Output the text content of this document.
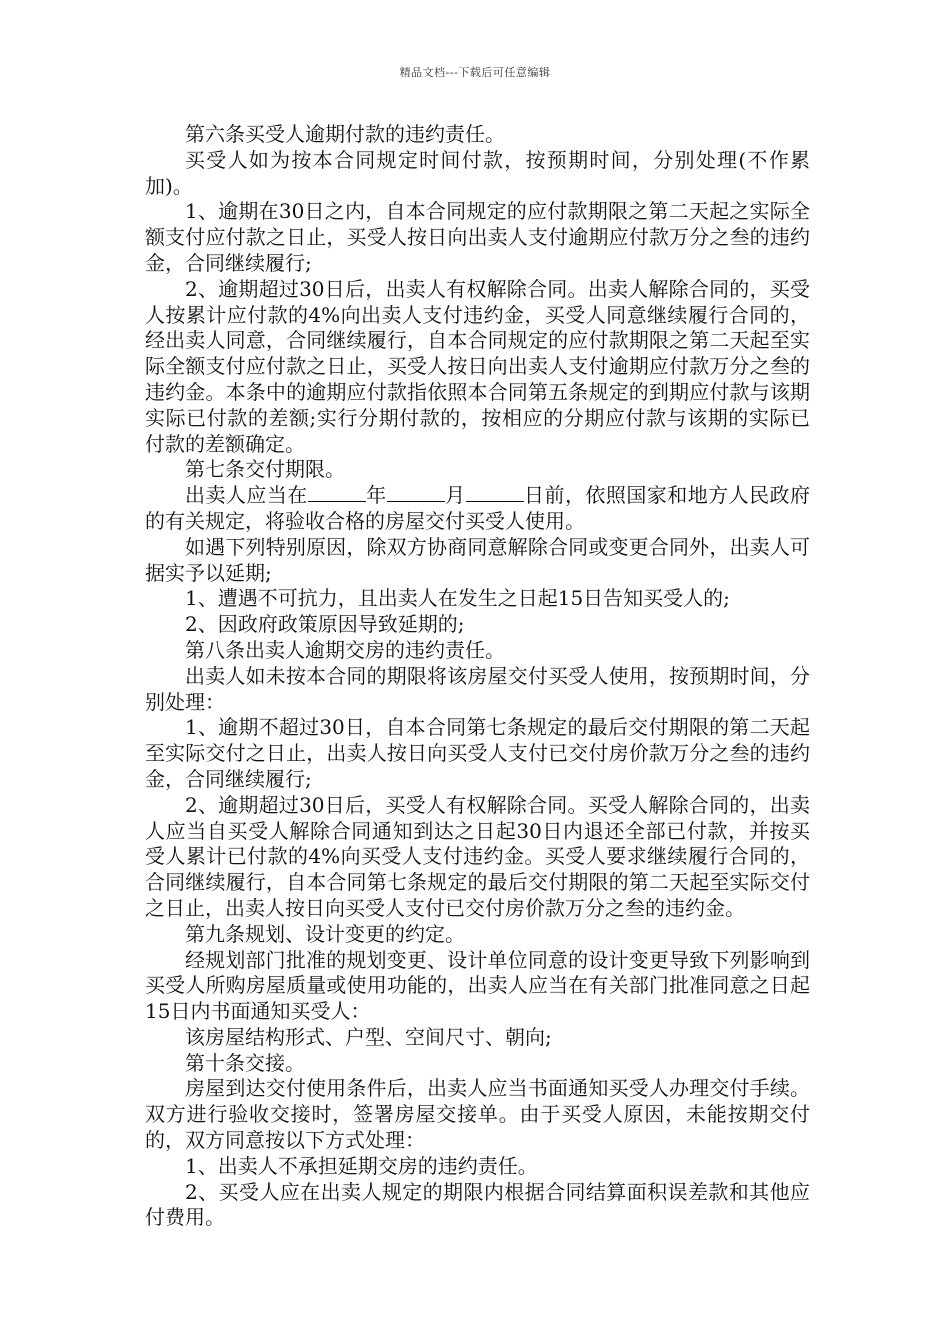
精品文档---下载后可任意编辑

第六条买受人逾期付款的违约责任。

买受人如为按本合同规定时间付款，按预期时间，分别处理(不作累加)。

1、逾期在30日之内，自本合同规定的应付款期限之第二天起之实际全额支付应付款之日止，买受人按日向出卖人支付逾期应付款万分之叁的违约金，合同继续履行;

2、逾期超过30日后，出卖人有权解除合同。出卖人解除合同的，买受人按累计应付款的4%向出卖人支付违约金，买受人同意继续履行合同的，经出卖人同意，合同继续履行，自本合同规定的应付款期限之第二天起至实际全额支付应付款之日止，买受人按日向出卖人支付逾期应付款万分之叁的违约金。本条中的逾期应付款指依照本合同第五条规定的到期应付款与该期实际已付款的差额;实行分期付款的，按相应的分期应付款与该期的实际已付款的差额确定。

第七条交付期限。

出卖人应当在	年	月	日前，依照国家和地方人民政府的有关规定，将验收合格的房屋交付买受人使用。

如遇下列特别原因，除双方协商同意解除合同或变更合同外，出卖人可据实予以延期;

1、遭遇不可抗力，且出卖人在发生之日起15日告知买受人的;

2、因政府政策原因导致延期的;

第八条出卖人逾期交房的违约责任。

出卖人如未按本合同的期限将该房屋交付买受人使用，按预期时间，分别处理：

1、逾期不超过30日，自本合同第七条规定的最后交付期限的第二天起至实际交付之日止，出卖人按日向买受人支付已交付房价款万分之叁的违约金，合同继续履行;

2、逾期超过30日后，买受人有权解除合同。买受人解除合同的，出卖人应当自买受人解除合同通知到达之日起30日内退还全部已付款，并按买受人累计已付款的4%向买受人支付违约金。买受人要求继续履行合同的，合同继续履行，自本合同第七条规定的最后交付期限的第二天起至实际交付之日止，出卖人按日向买受人支付已交付房价款万分之叁的违约金。

第九条规划、设计变更的约定。

经规划部门批准的规划变更、设计单位同意的设计变更导致下列影响到买受人所购房屋质量或使用功能的，出卖人应当在有关部门批准同意之日起15日内书面通知买受人：

该房屋结构形式、户型、空间尺寸、朝向;

第十条交接。

房屋到达交付使用条件后，出卖人应当书面通知买受人办理交付手续。双方进行验收交接时，签署房屋交接单。由于买受人原因，未能按期交付的，双方同意按以下方式处理：

1、出卖人不承担延期交房的违约责任。

2、买受人应在出卖人规定的期限内根据合同结算面积误差款和其他应付费用。
